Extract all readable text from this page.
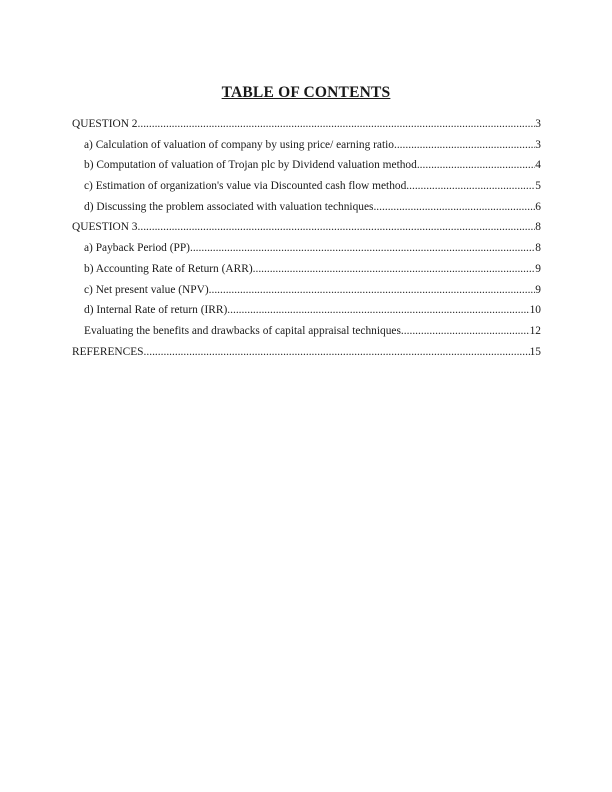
TABLE OF CONTENTS
QUESTION 2 .....	3
a) Calculation of valuation of company by using price/ earning ratio .....	3
b) Computation of valuation of Trojan plc by Dividend valuation method .....	4
c) Estimation of organization's value via Discounted cash flow method .....	5
d) Discussing the problem associated with valuation techniques .....	6
QUESTION 3 .....	8
a) Payback Period (PP) .....	8
b) Accounting Rate of Return (ARR) .....	9
c) Net present value (NPV) .....	9
d) Internal Rate of return (IRR) .....	10
Evaluating the benefits and drawbacks of capital appraisal techniques .....	12
REFERENCES .....	15
